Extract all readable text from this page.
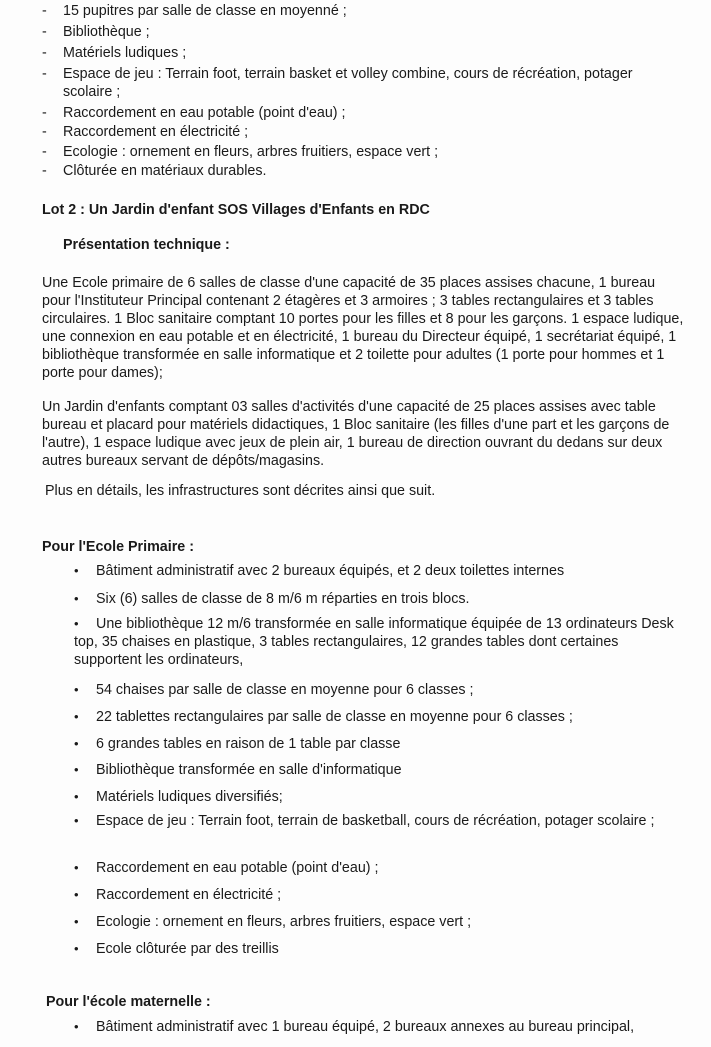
-	15 pupitres par salle de classe en moyenné ;
-	Bibliothèque ;
-	Matériels ludiques ;
-	Espace de jeu : Terrain foot, terrain basket et volley combine, cours de récréation, potager scolaire ;
-	Raccordement en eau potable (point d'eau) ;
-	Raccordement en électricité ;
-	Ecologie : ornement en fleurs, arbres fruitiers, espace vert ;
-	Clôturée en matériaux durables.
Lot 2 : Un Jardin d'enfant SOS Villages d'Enfants en RDC
Présentation technique :
Une Ecole primaire de 6 salles de classe d'une capacité de 35 places assises chacune, 1 bureau pour l'Instituteur Principal contenant 2 étagères et 3 armoires ; 3 tables rectangulaires et 3 tables circulaires. 1 Bloc sanitaire comptant 10 portes pour les filles et 8 pour les garçons. 1 espace ludique, une connexion en eau potable et en électricité, 1 bureau du Directeur équipé, 1 secrétariat équipé, 1 bibliothèque transformée en salle informatique et 2 toilette pour adultes (1 porte pour hommes et 1 porte pour dames);
Un Jardin d'enfants comptant 03 salles d'activités d'une capacité de 25 places assises avec table bureau et placard pour matériels didactiques, 1 Bloc sanitaire (les filles d'une part et les garçons de l'autre), 1 espace ludique avec jeux de plein air, 1 bureau de direction ouvrant du dedans sur deux autres bureaux servant de dépôts/magasins.
Plus en détails, les infrastructures sont décrites ainsi que suit.
Pour l'Ecole Primaire :
•	Bâtiment administratif avec 2 bureaux équipés, et 2 deux toilettes internes
•	Six (6) salles de classe de 8 m/6 m réparties en trois blocs.
•	Une bibliothèque 12 m/6 transformée en salle informatique équipée de 13 ordinateurs Desk top, 35 chaises en plastique, 3 tables rectangulaires, 12 grandes tables dont certaines supportent les ordinateurs,
•	54 chaises par salle de classe en moyenne pour 6 classes ;
•	22 tablettes rectangulaires par salle de classe en moyenne pour 6 classes ;
•	6 grandes tables en raison de 1 table par classe
•	Bibliothèque transformée en salle d'informatique
•	Matériels ludiques diversifiés;
•	Espace de jeu : Terrain foot, terrain de basketball, cours de récréation, potager scolaire ;
•	Raccordement en eau potable (point d'eau) ;
•	Raccordement en électricité ;
•	Ecologie : ornement en fleurs, arbres fruitiers, espace vert ;
•	Ecole clôturée par des treillis
Pour l'école maternelle :
•	Bâtiment administratif avec 1 bureau équipé, 2 bureaux annexes au bureau principal,
